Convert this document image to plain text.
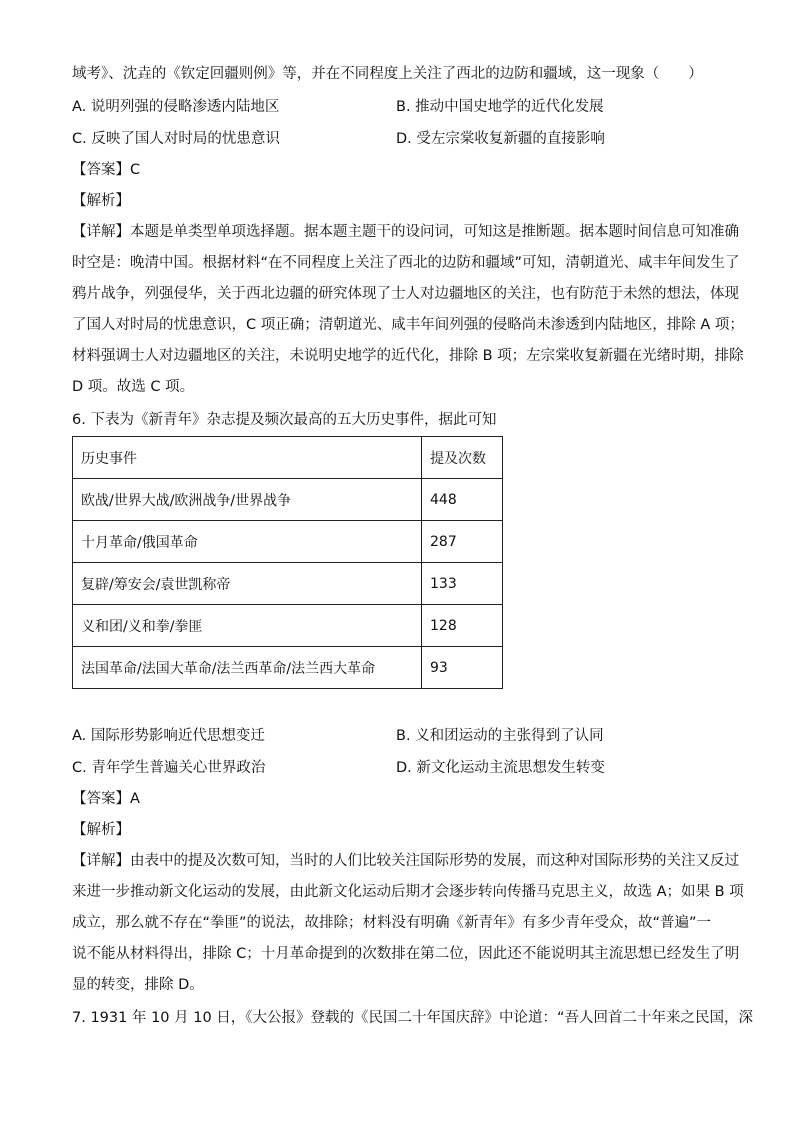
域考》、沈垚的《钦定回疆则例》等，并在不同程度上关注了西北的边防和疆域，这一现象（　　）
A. 说明列强的侵略渗透内陆地区	B. 推动中国史地学的近代化发展
C. 反映了国人对时局的忧患意识	D. 受左宗棠收复新疆的直接影响
【答案】C
【解析】
【详解】本题是单类型单项选择题。据本题主题干的设问词，可知这是推断题。据本题时间信息可知准确
时空是：晚清中国。根据材料“在不同程度上关注了西北的边防和疆域”可知，清朝道光、咸丰年间发生了
鸦片战争，列强侵华，关于西北边疆的研究体现了士人对边疆地区的关注，也有防范于未然的想法，体现
了国人对时局的忧患意识，C 项正确；清朝道光、咸丰年间列强的侵略尚未渗透到内陆地区，排除 A 项；
材料强调士人对边疆地区的关注，未说明史地学的近代化，排除 B 项；左宗棠收复新疆在光绪时期，排除
D 项。故选 C 项。
6. 下表为《新青年》杂志提及频次最高的五大历史事件，据此可知
历史事件	提及次数
欧战/世界大战/欧洲战争/世界战争	448
十月革命/俄国革命	287
复辟/筹安会/袁世凯称帝	133
义和团/义和拳/拳匪	128
法国革命/法国大革命/法兰西革命/法兰西大革命	93
A. 国际形势影响近代思想变迁	B. 义和团运动的主张得到了认同
C. 青年学生普遍关心世界政治	D. 新文化运动主流思想发生转变
【答案】A
【解析】
【详解】由表中的提及次数可知，当时的人们比较关注国际形势的发展，而这种对国际形势的关注又反过
来进一步推动新文化运动的发展，由此新文化运动后期才会逐步转向传播马克思主义，故选 A；如果 B 项
成立，那么就不存在“拳匪”的说法，故排除；材料没有明确《新青年》有多少青年受众，故“普遍”一
说不能从材料得出，排除 C；十月革命提到的次数排在第二位，因此还不能说明其主流思想已经发生了明
显的转变，排除 D。
7. 1931 年 10 月 10 日，《大公报》登载的《民国二十年国庆辞》中论道：“吾人回首二十年来之民国，深
